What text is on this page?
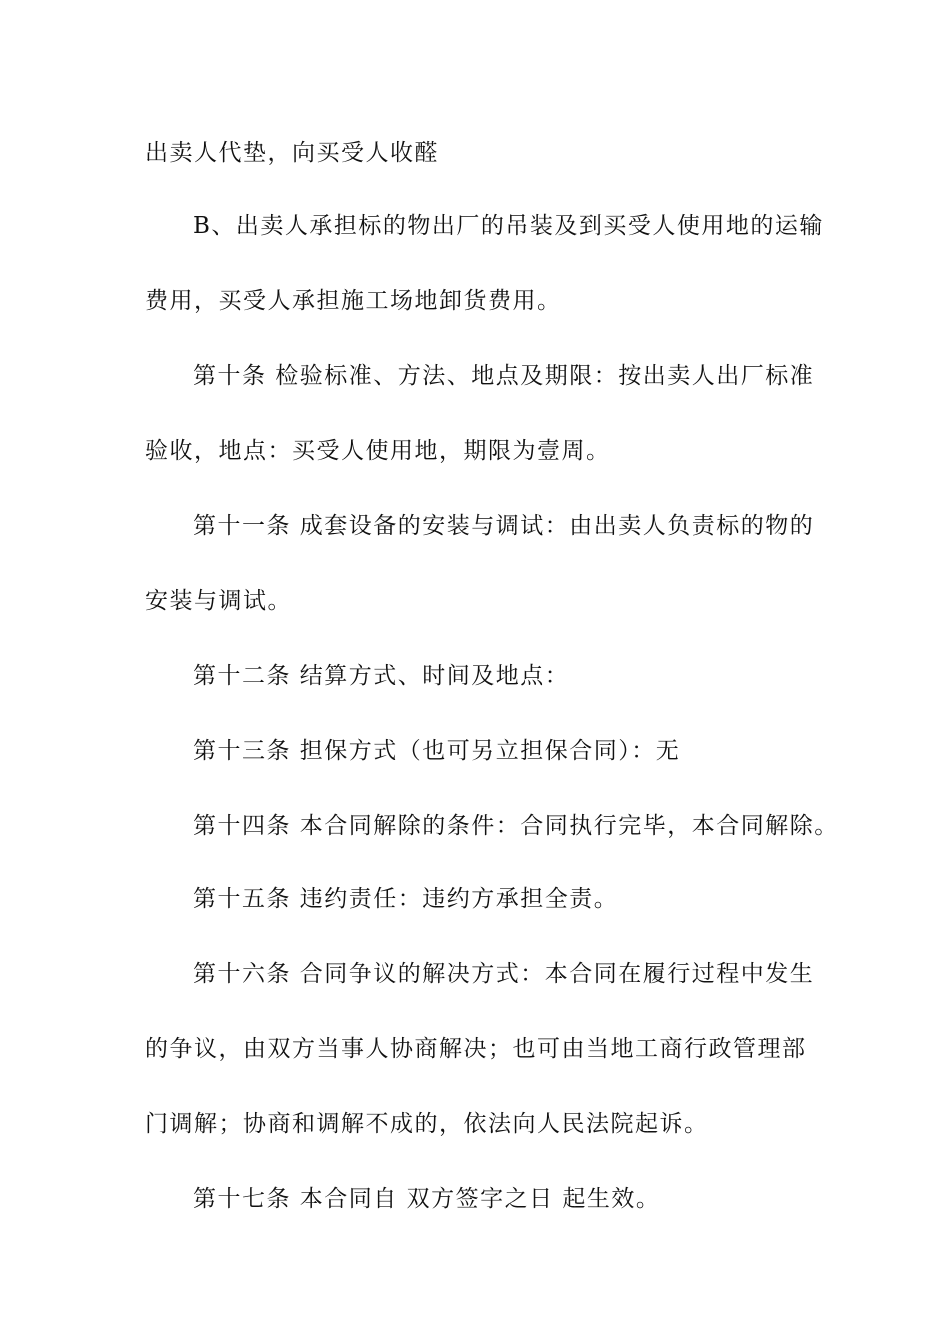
出卖人代垫，向买受人收醛
B、出卖人承担标的物出厂的吊装及到买受人使用地的运输
费用，买受人承担施工场地卸货费用。
第十条 检验标准、方法、地点及期限：按出卖人出厂标准
验收，地点：买受人使用地，期限为壹周。
第十一条 成套设备的安装与调试：由出卖人负责标的物的
安装与调试。
第十二条 结算方式、时间及地点：
第十三条 担保方式（也可另立担保合同）：无
第十四条 本合同解除的条件：合同执行完毕，本合同解除。
第十五条 违约责任：违约方承担全责。
第十六条 合同争议的解决方式：本合同在履行过程中发生
的争议，由双方当事人协商解决；也可由当地工商行政管理部
门调解；协商和调解不成的，依法向人民法院起诉。
第十七条 本合同自 双方签字之日 起生效。
